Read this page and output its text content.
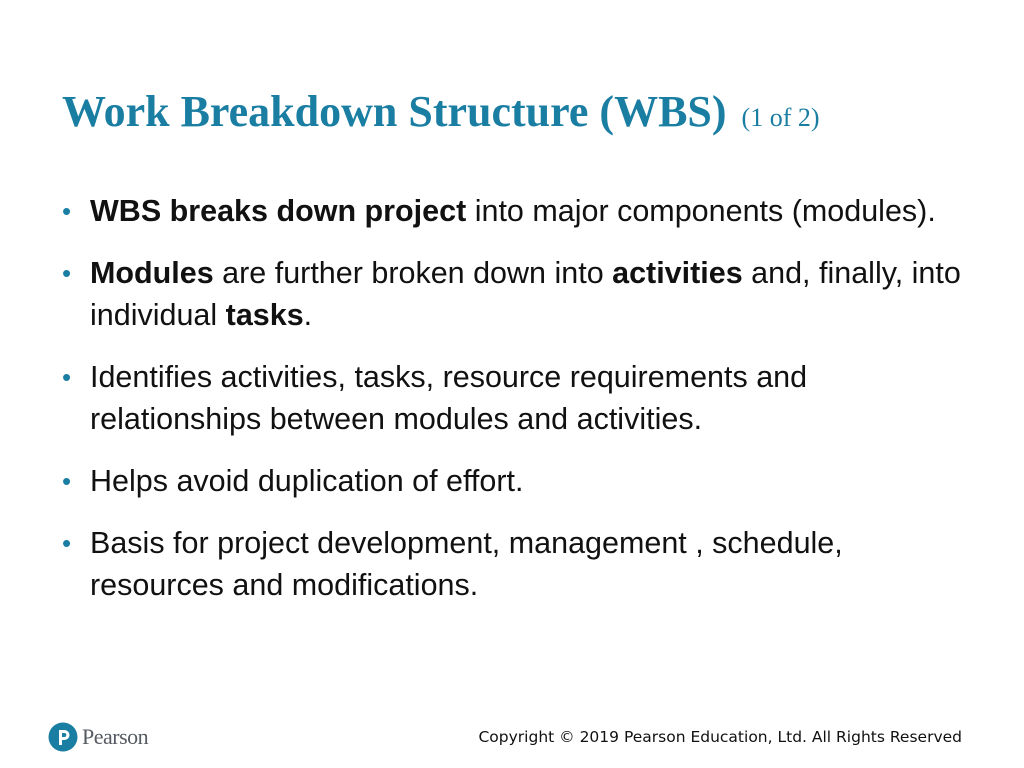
Work Breakdown Structure (WBS) (1 of 2)
• WBS breaks down project into major components (modules).
• Modules are further broken down into activities and, finally, into individual tasks.
• Identifies activities, tasks, resource requirements and relationships between modules and activities.
• Helps avoid duplication of effort.
• Basis for project development, management , schedule, resources and modifications.
Pearson	Copyright © 2019 Pearson Education, Ltd. All Rights Reserved
